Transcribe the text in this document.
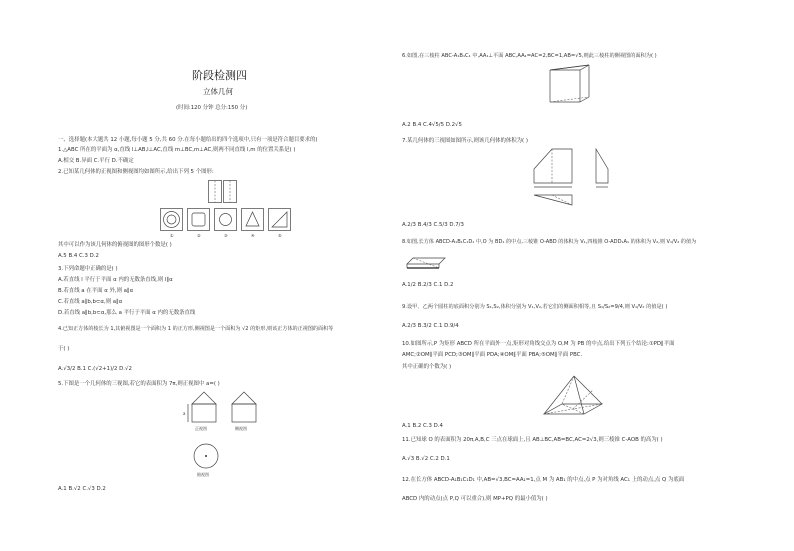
阶段检测四
立体几何
(时间:120 分钟 总分:150 分)
一、选择题(本大题共 12 小题,每小题 5 分,共 60 分.在每小题给出的四个选项中,只有一项是符合题目要求的)
1.△ABC 所在的平面为 α,直线 l⊥AB,l⊥AC,直线 m⊥BC,m⊥AC,则两不同直线 l,m 的位置关系是( )
A.相交 B.异面 C.平行 D.不确定
2.已知某几何体的正视图和侧视图均如图所示,给出下列 5 个图形:
①	②	③	④	⑤
其中可以作为该几何体的俯视图的图形个数是( )
A.5 B.4 C.3 D.2
3.下列命题中正确的是( )
A.若直线 l 平行于平面 α 内的无数条直线,则 l∥α
B.若直线 a 在平面 α 外,则 a∥α
C.若直线 a∥b,b⊂α,则 a∥α
D.若直线 a∥b,b⊂α,那么 a 平行于平面 α 内的无数条直线
4.已知正方体的棱长为 1,其俯视图是一个面积为 1 的正方形,侧视图是一个面积为 √2 的矩形,则该正方体的正视图的面积等
于( )
A.√3/2 B.1 C.(√2+1)/2 D.√2
5.下图是一个几何体的三视图,若它的表面积为 7π,则正视图中 a=( )
a
正视图	侧视图
俯视图
A.1 B.√2 C.√3 D.2
6.如图,在三棱柱 ABC-A₁B₁C₁ 中,AA₁⊥平面 ABC,AA₁=AC=2,BC=1,AB=√5,则此三棱柱的侧视图的面积为( )
A.2 B.4 C.4√5/5 D.2√5
7.某几何体的三视图如图所示,则该几何体的体积为( )
A.2/3 B.4/3 C.5/3 D.7/3
8.如图,长方体 ABCD-A₁B₁C₁D₁ 中,O 为 BD₁ 的中点,三棱锥 O-ABD 的体积为 V₁,四棱锥 O-ADD₁A₁ 的体积为 V₂,则 V₁/V₂ 的值为
A.1/2 B.2/3 C.1 D.2
9.设甲、乙两个圆柱的底面积分别为 S₁,S₂,体积分别为 V₁,V₂,若它们的侧面积相等,且 S₁/S₂=9/4,则 V₁/V₂ 的值是( )
A.2/3 B.3/2 C.1 D.9/4
10.如图所示,P 为矩形 ABCD 所在平面外一点,矩形对角线交点为 O,M 为 PB 的中点,给出下列五个结论:①PD∥平面
AMC;②OM∥平面 PCD;③OM∥平面 PDA;④OM∥平面 PBA;⑤OM∥平面 PBC.
其中正确的个数为( )
A.1 B.2 C.3 D.4
11.已知球 O 的表面积为 20π,A,B,C 三点在球面上,且 AB⊥BC,AB=BC,AC=2√3,则三棱锥 C-AOB 的高为( )
A.√3 B.√2 C.2 D.1
12.在长方体 ABCD-A₁B₁C₁D₁ 中,AB=√3,BC=AA₁=1,点 M 为 AB₁ 的中点,点 P 为对角线 AC₁ 上的动点,点 Q 为底面
ABCD 内的动点(点 P,Q 可以重合),则 MP+PQ 的最小值为( )
